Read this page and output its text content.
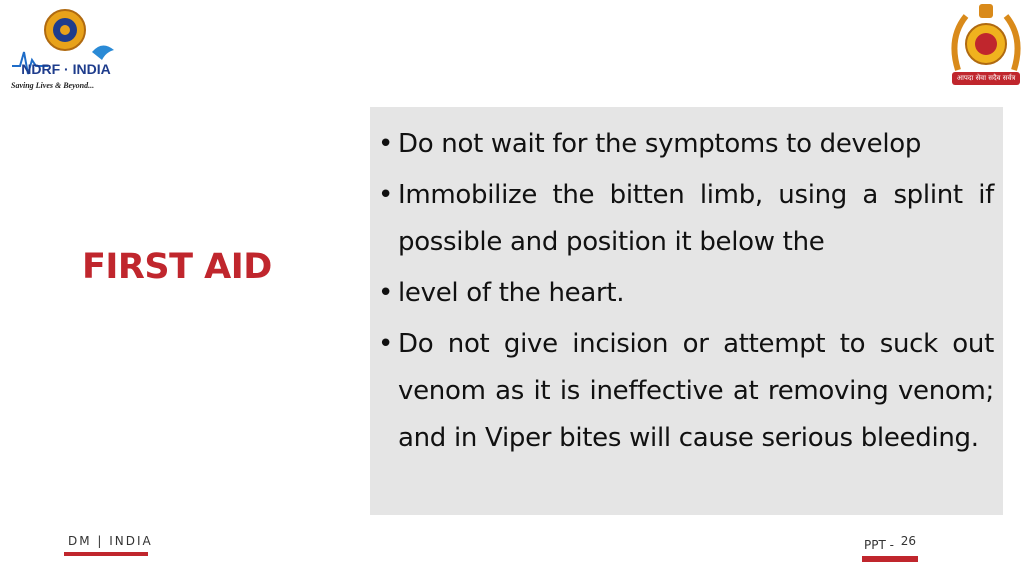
NDRF · INDIA
Saving Lives & Beyond...
आपदा सेवा सदैव सर्वत्र
FIRST AID
• Do not wait for the symptoms to develop
• Immobilize the bitten limb, using a splint if possible and position it below the
• level of the heart.
• Do not give incision or attempt to suck out venom as it is ineffective at removing venom; and in Viper bites will cause serious bleeding.
DM | INDIA	PPT - 26
